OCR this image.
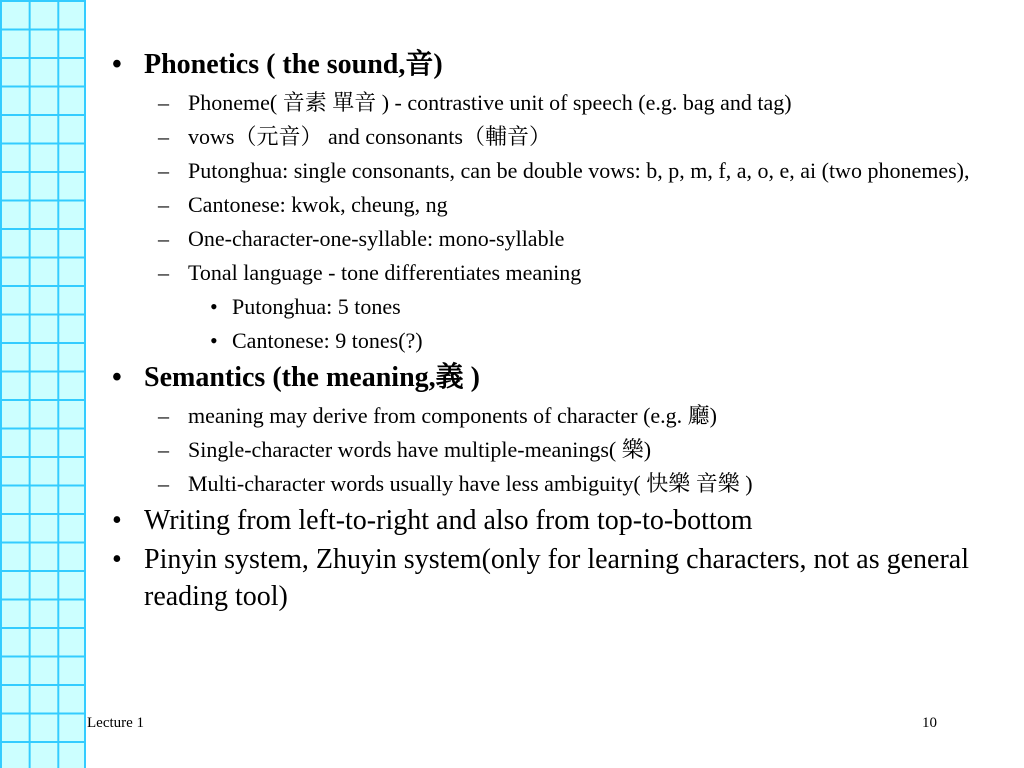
• Phonetics ( the sound,音)
– Phoneme( 音素 單音 ) - contrastive unit of speech (e.g. bag and tag)
– vows（元音） and consonants（輔音）
– Putonghua: single consonants, can be double vows: b, p, m, f, a, o, e, ai (two phonemes),
– Cantonese: kwok, cheung, ng
– One-character-one-syllable: mono-syllable
– Tonal language - tone differentiates meaning
• Putonghua: 5 tones
• Cantonese: 9 tones(?)
• Semantics (the meaning,義 )
– meaning may derive from components of character (e.g. 廳)
– Single-character words have multiple-meanings( 樂)
– Multi-character words usually have less ambiguity( 快樂 音樂 )
• Writing from left-to-right and also from top-to-bottom
• Pinyin system, Zhuyin system(only for learning characters, not as general reading tool)
Lecture 1	10
